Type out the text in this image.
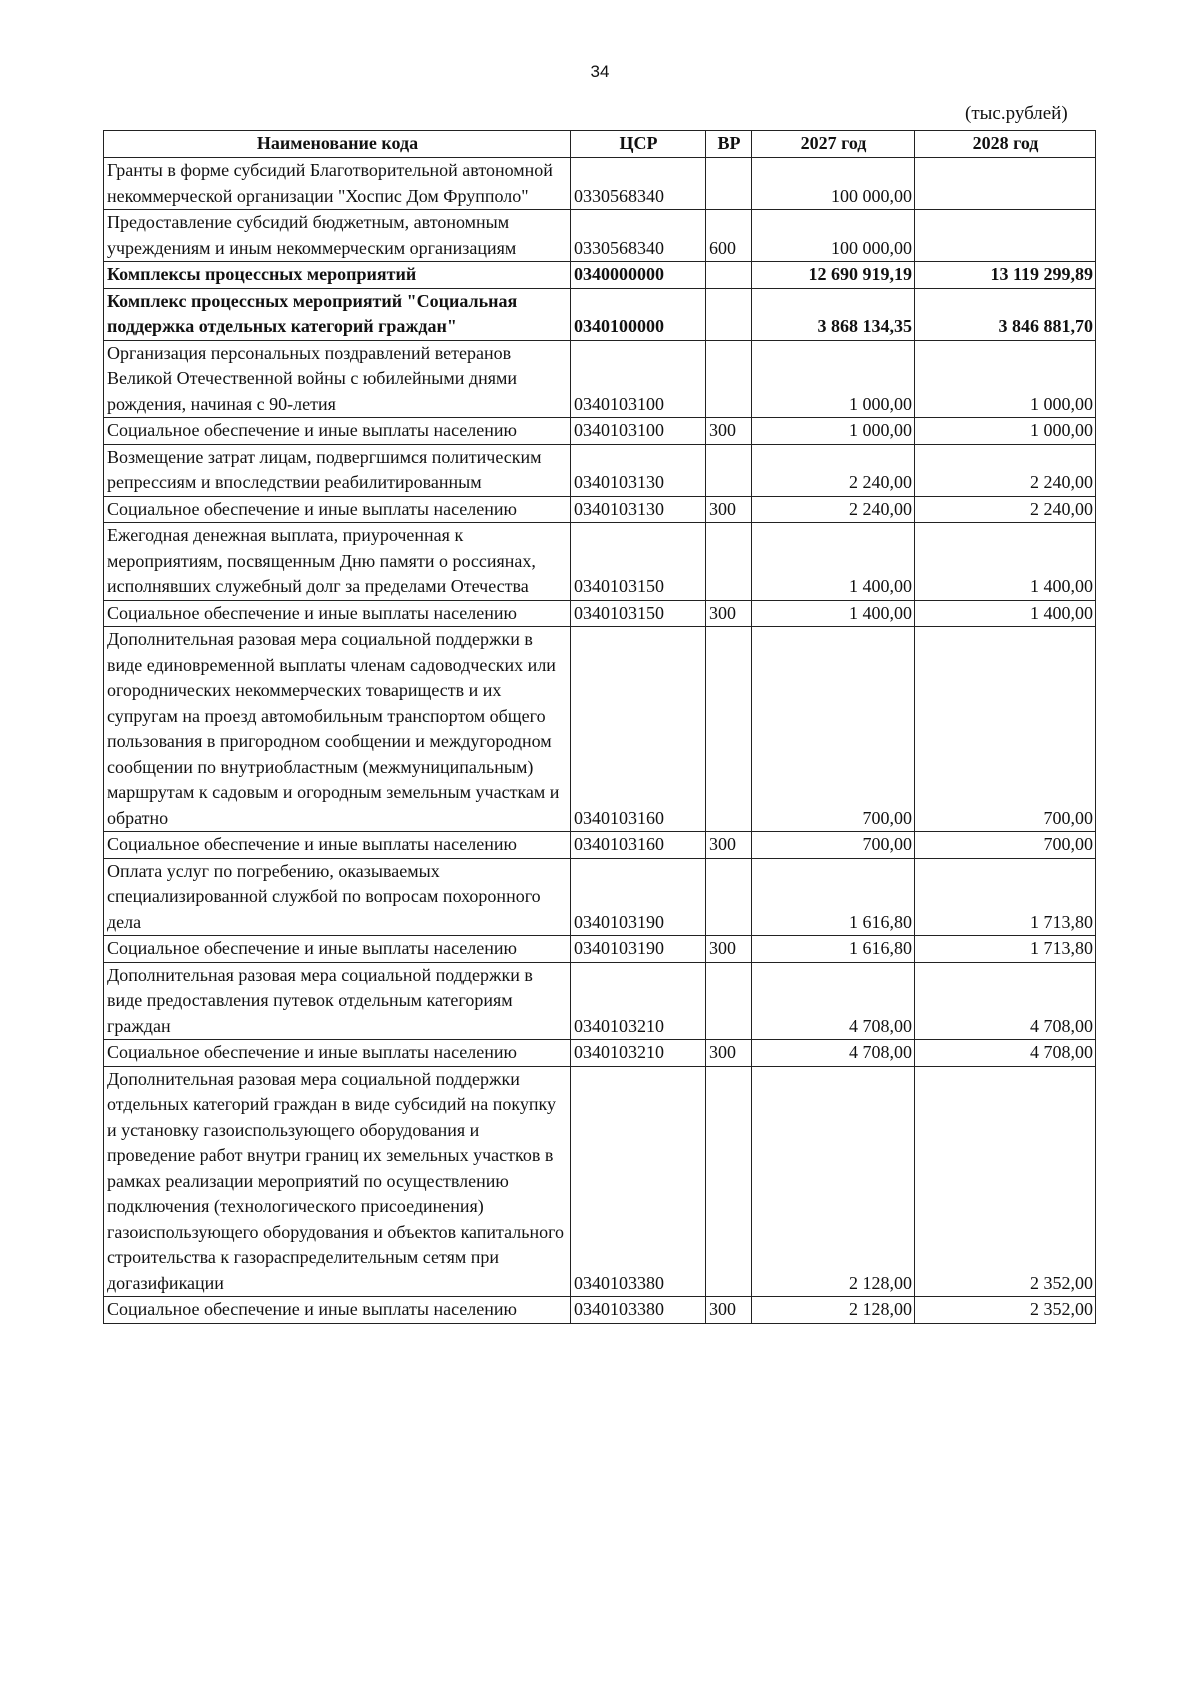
34
(тыс.рублей)
Наименование кода	ЦСР	ВР	2027 год	2028 год
Гранты в форме субсидий Благотворительной автономной некоммерческой организации "Хоспис Дом Фрупполо"	0330568340		100 000,00	
Предоставление субсидий бюджетным, автономным учреждениям и иным некоммерческим организациям	0330568340	600	100 000,00	
Комплексы процессных мероприятий	0340000000		12 690 919,19	13 119 299,89
Комплекс процессных мероприятий "Социальная поддержка отдельных категорий граждан"	0340100000		3 868 134,35	3 846 881,70
Организация персональных поздравлений ветеранов Великой Отечественной войны с юбилейными днями рождения, начиная с 90-летия	0340103100		1 000,00	1 000,00
Социальное обеспечение и иные выплаты населению	0340103100	300	1 000,00	1 000,00
Возмещение затрат лицам, подвергшимся политическим репрессиям и впоследствии реабилитированным	0340103130		2 240,00	2 240,00
Социальное обеспечение и иные выплаты населению	0340103130	300	2 240,00	2 240,00
Ежегодная денежная выплата, приуроченная к мероприятиям, посвященным Дню памяти о россиянах, исполнявших служебный долг за пределами Отечества	0340103150		1 400,00	1 400,00
Социальное обеспечение и иные выплаты населению	0340103150	300	1 400,00	1 400,00
Дополнительная разовая мера социальной поддержки в виде единовременной выплаты членам садоводческих или огороднических некоммерческих товариществ и их супругам на проезд автомобильным транспортом общего пользования в пригородном сообщении и междугородном сообщении по внутриобластным (межмуниципальным) маршрутам к садовым и огородным земельным участкам и обратно	0340103160		700,00	700,00
Социальное обеспечение и иные выплаты населению	0340103160	300	700,00	700,00
Оплата услуг по погребению, оказываемых специализированной службой по вопросам похоронного дела	0340103190		1 616,80	1 713,80
Социальное обеспечение и иные выплаты населению	0340103190	300	1 616,80	1 713,80
Дополнительная разовая мера социальной поддержки в виде предоставления путевок отдельным категориям граждан	0340103210		4 708,00	4 708,00
Социальное обеспечение и иные выплаты населению	0340103210	300	4 708,00	4 708,00
Дополнительная разовая мера социальной поддержки отдельных категорий граждан в виде субсидий на покупку и установку газоиспользующего оборудования и проведение работ внутри границ их земельных участков в рамках реализации мероприятий по осуществлению подключения (технологического присоединения) газоиспользующего оборудования и объектов капитального строительства к газораспределительным сетям при догазификации	0340103380		2 128,00	2 352,00
Социальное обеспечение и иные выплаты населению	0340103380	300	2 128,00	2 352,00
